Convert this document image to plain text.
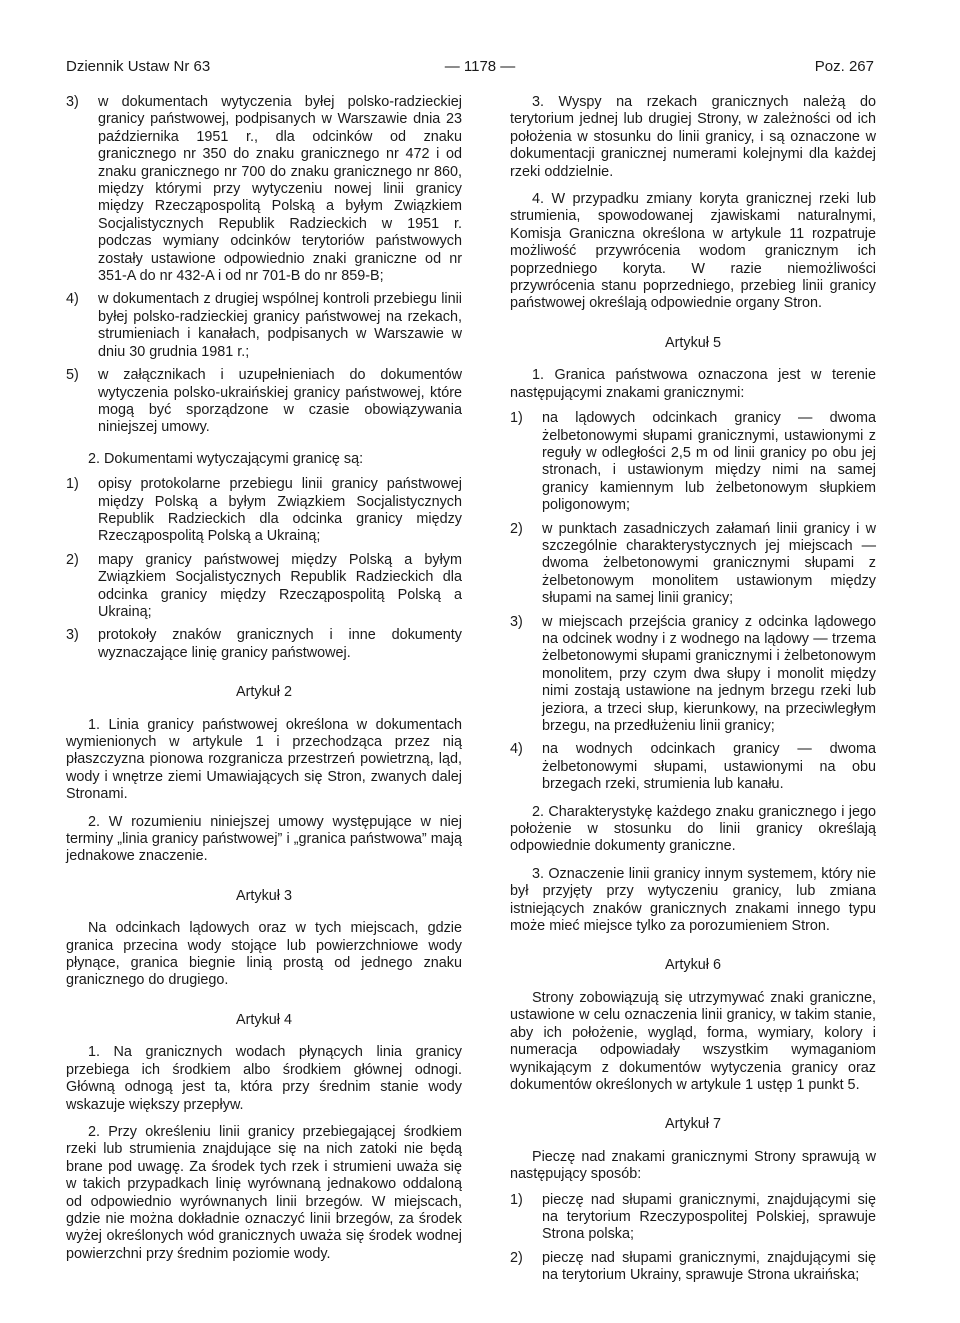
Dziennik Ustaw Nr 63	— 1178 —	Poz. 267
3)	w dokumentach wytyczenia byłej polsko-radzieckiej granicy państwowej, podpisanych w Warszawie dnia 23 października 1951 r., dla odcinków od znaku granicznego nr 350 do znaku granicznego nr 472 i od znaku granicznego nr 700 do znaku granicznego nr 860, między którymi przy wytyczeniu nowej linii granicy między Rzecząpospolitą Polską a byłym Związkiem Socjalistycznych Republik Radzieckich w 1951 r. podczas wymiany odcinków terytoriów państwowych zostały ustawione odpowiednio znaki graniczne od nr 351-A do nr 432-A i od nr 701-B do nr 859-B;
4)	w dokumentach z drugiej wspólnej kontroli przebiegu linii byłej polsko-radzieckiej granicy państwowej na rzekach, strumieniach i kanałach, podpisanych w Warszawie w dniu 30 grudnia 1981 r.;
5)	w załącznikach i uzupełnieniach do dokumentów wytyczenia polsko-ukraińskiej granicy państwowej, które mogą być sporządzone w czasie obowiązywania niniejszej umowy.

2. Dokumentami wytyczającymi granicę są:

1)	opisy protokolarne przebiegu linii granicy państwowej między Polską a byłym Związkiem Socjalistycznych Republik Radzieckich dla odcinka granicy między Rzecząpospolitą Polską a Ukrainą;
2)	mapy granicy państwowej między Polską a byłym Związkiem Socjalistycznych Republik Radzieckich dla odcinka granicy między Rzecząpospolitą Polską a Ukrainą;
3)	protokoły znaków granicznych i inne dokumenty wyznaczające linię granicy państwowej.
Artykuł 2

1. Linia granicy państwowej określona w dokumentach wymienionych w artykule 1 i przechodząca przez nią płaszczyzna pionowa rozgranicza przestrzeń powietrzną, ląd, wody i wnętrze ziemi Umawiających się Stron, zwanych dalej Stronami.

2. W rozumieniu niniejszej umowy występujące w niej terminy „linia granicy państwowej” i „granica państwowa” mają jednakowe znaczenie.

Artykuł 3

Na odcinkach lądowych oraz w tych miejscach, gdzie granica przecina wody stojące lub powierzchniowe wody płynące, granica biegnie linią prostą od jednego znaku granicznego do drugiego.

Artykuł 4

1. Na granicznych wodach płynących linia granicy przebiega ich środkiem albo środkiem głównej odnogi. Główną odnogą jest ta, która przy średnim stanie wody wskazuje większy przepływ.

2. Przy określeniu linii granicy przebiegającej środkiem rzeki lub strumienia znajdujące się na nich zatoki nie będą brane pod uwagę. Za środek tych rzek i strumieni uważa się w takich przypadkach linię wyrównaną jednakowo oddaloną od odpowiednio wyrównanych linii brzegów. W miejscach, gdzie nie można dokładnie oznaczyć linii brzegów, za środek wyżej określonych wód granicznych uważa się środek wodnej powierzchni przy średnim poziomie wody.

3. Wyspy na rzekach granicznych należą do terytorium jednej lub drugiej Strony, w zależności od ich położenia w stosunku do linii granicy, i są oznaczone w dokumentacji granicznej numerami kolejnymi dla każdej rzeki oddzielnie.

4. W przypadku zmiany koryta granicznej rzeki lub strumienia, spowodowanej zjawiskami naturalnymi, Komisja Graniczna określona w artykule 11 rozpatruje możliwość przywrócenia wodom granicznym ich poprzedniego koryta. W razie niemożliwości przywrócenia stanu poprzedniego, przebieg linii granicy państwowej określają odpowiednie organy Stron.

Artykuł 5

1. Granica państwowa oznaczona jest w terenie następującymi znakami granicznymi:

1)	na lądowych odcinkach granicy — dwoma żelbetonowymi słupami granicznymi, ustawionymi z reguły w odległości 2,5 m od linii granicy po obu jej stronach, i ustawionym między nimi na samej granicy kamiennym lub żelbetonowym słupkiem poligonowym;
2)	w punktach zasadniczych załamań linii granicy i w szczególnie charakterystycznych jej miejscach — dwoma żelbetonowymi granicznymi słupami z żelbetonowym monolitem ustawionym między słupami na samej linii granicy;
3)	w miejscach przejścia granicy z odcinka lądowego na odcinek wodny i z wodnego na lądowy — trzema żelbetonowymi słupami granicznymi i żelbetonowym monolitem, przy czym dwa słupy i monolit między nimi zostają ustawione na jednym brzegu rzeki lub jeziora, a trzeci słup, kierunkowy, na przeciwległym brzegu, na przedłużeniu linii granicy;
4)	na wodnych odcinkach granicy — dwoma żelbetonowymi słupami, ustawionymi na obu brzegach rzeki, strumienia lub kanału.

2. Charakterystykę każdego znaku granicznego i jego położenie w stosunku do linii granicy określają odpowiednie dokumenty graniczne.

3. Oznaczenie linii granicy innym systemem, który nie był przyjęty przy wytyczeniu granicy, lub zmiana istniejących znaków granicznych znakami innego typu może mieć miejsce tylko za porozumieniem Stron.

Artykuł 6

Strony zobowiązują się utrzymywać znaki graniczne, ustawione w celu oznaczenia linii granicy, w takim stanie, aby ich położenie, wygląd, forma, wymiary, kolory i numeracja odpowiadały wszystkim wymaganiom wynikającym z dokumentów wytyczenia granicy oraz dokumentów określonych w artykule 1 ustęp 1 punkt 5.

Artykuł 7

Pieczę nad znakami granicznymi Strony sprawują w następujący sposób:

1)	pieczę nad słupami granicznymi, znajdującymi się na terytorium Rzeczypospolitej Polskiej, sprawuje Strona polska;
2)	pieczę nad słupami granicznymi, znajdującymi się na terytorium Ukrainy, sprawuje Strona ukraińska;
